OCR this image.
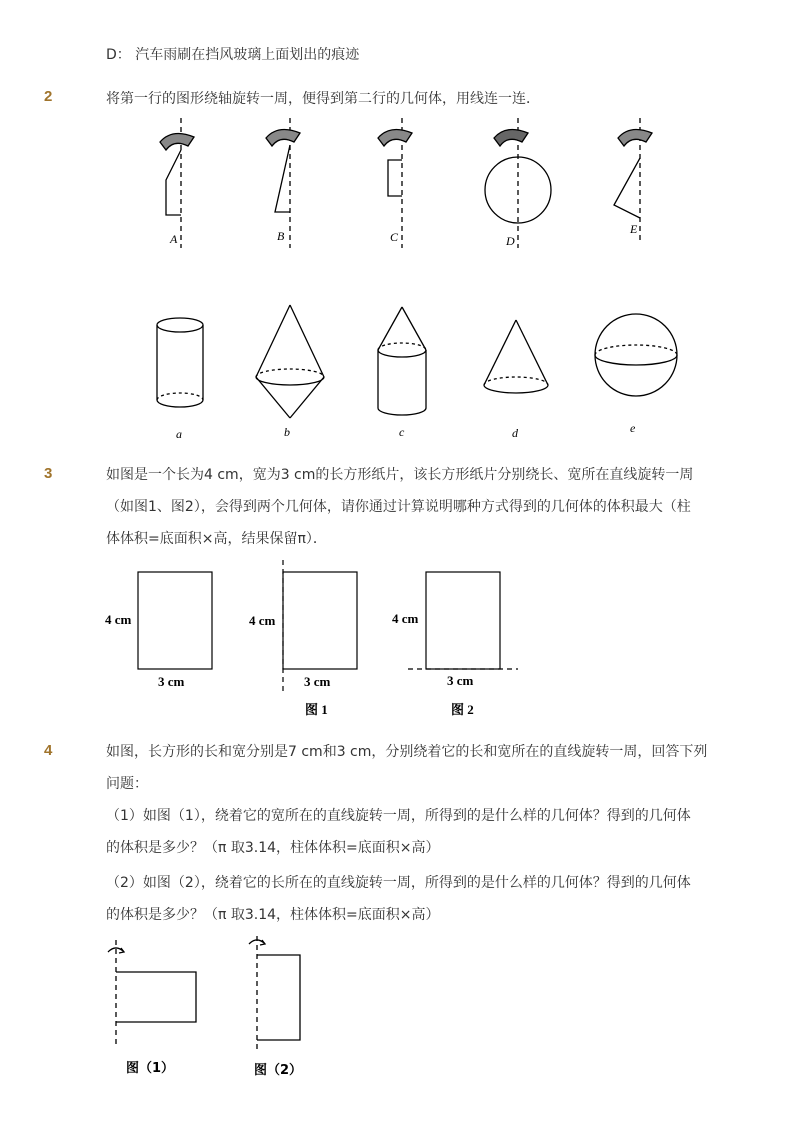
D： 汽车雨刷在挡风玻璃上面划出的痕迹
2	将第一行的图形绕轴旋转一周，便得到第二行的几何体，用线连一连．
A	B	C	D
E
a	b	c	d	e
3	如图是一个长为4 cm，宽为3 cm的长方形纸片，该长方形纸片分别绕长、宽所在直线旋转一周
（如图1、图2），会得到两个几何体，请你通过计算说明哪种方式得到的几何体的体积最大（柱
体体积=底面积×高，结果保留π）．
4 cm
3 cm
4 cm
3 cm
4 cm
3 cm
图 1	图 2
4	如图，长方形的长和宽分别是7 cm和3 cm，分别绕着它的长和宽所在的直线旋转一周，回答下列
问题：
（1）如图（1），绕着它的宽所在的直线旋转一周，所得到的是什么样的几何体？得到的几何体
的体积是多少？（π 取3.14，柱体体积=底面积×高）
（2）如图（2），绕着它的长所在的直线旋转一周，所得到的是什么样的几何体？得到的几何体
的体积是多少？（π 取3.14，柱体体积=底面积×高）
图（1）	图（2）
